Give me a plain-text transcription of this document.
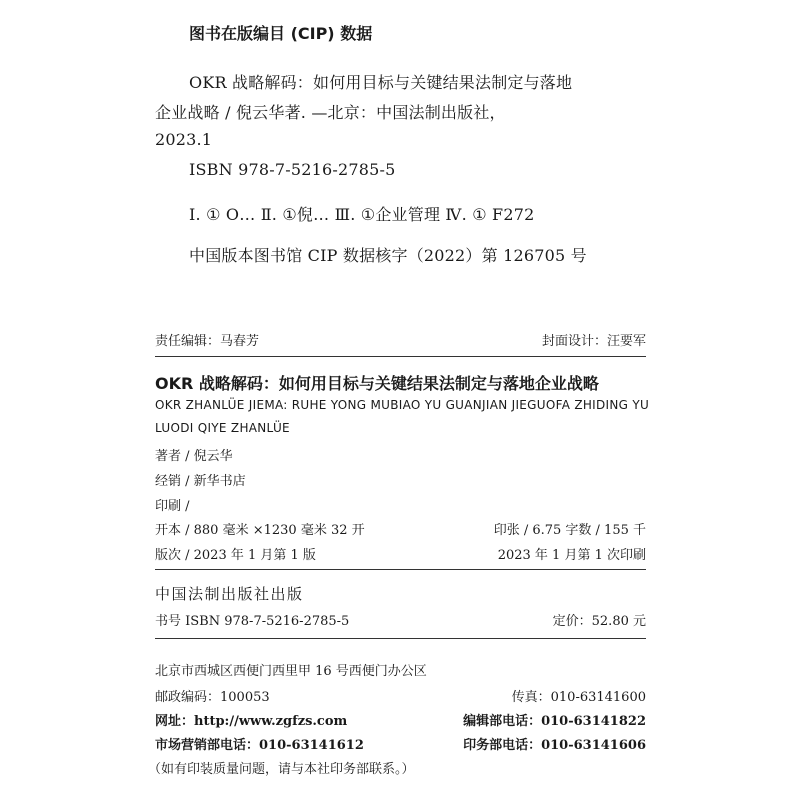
图书在版编目 (CIP) 数据
OKR 战略解码：如何用目标与关键结果法制定与落地
企业战略 / 倪云华著. —北京：中国法制出版社，
2023.1
ISBN 978-7-5216-2785-5
Ⅰ. ① O… Ⅱ. ①倪… Ⅲ. ①企业管理 Ⅳ. ① F272
中国版本图书馆 CIP 数据核字（2022）第 126705 号
责任编辑：马春芳	封面设计：汪要军
OKR 战略解码：如何用目标与关键结果法制定与落地企业战略
OKR ZHANLÜE JIEMA: RUHE YONG MUBIAO YU GUANJIAN JIEGUOFA ZHIDING YU
LUODI QIYE ZHANLÜE
著者 / 倪云华
经销 / 新华书店
印刷 /
开本 / 880 毫米 ×1230 毫米 32 开	印张 / 6.75 字数 / 155 千
版次 / 2023 年 1 月第 1 版	2023 年 1 月第 1 次印刷
中国法制出版社出版
书号 ISBN 978-7-5216-2785-5	定价：52.80 元
北京市西城区西便门西里甲 16 号西便门办公区
邮政编码：100053	传真：010-63141600
网址：http://www.zgfzs.com	编辑部电话：010-63141822
市场营销部电话：010-63141612	印务部电话：010-63141606
（如有印装质量问题，请与本社印务部联系。）
